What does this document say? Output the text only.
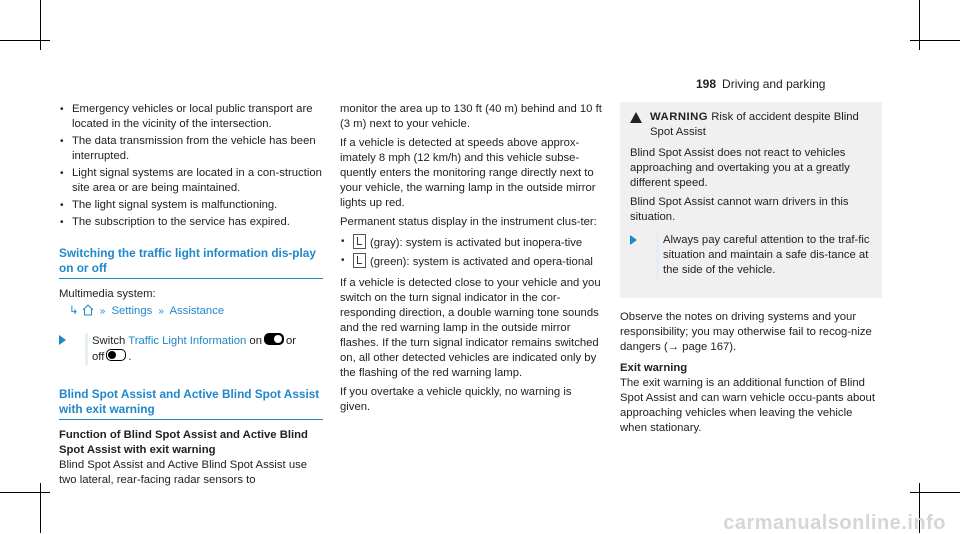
198 Driving and parking
• Emergency vehicles or local public transport are located in the vicinity of the intersection.
• The data transmission from the vehicle has been interrupted.
• Light signal systems are located in a con-struction site area or are being maintained.
• The light signal system is malfunctioning.
• The subscription to the service has expired.
Switching the traffic light information dis-play on or off

Multimedia system:

↳ » Settings » Assistance
Switch Traffic Light Information on or
off .
Blind Spot Assist and Active Blind Spot Assist with exit warning

Function of Blind Spot Assist and Active Blind Spot Assist with exit warning

Blind Spot Assist and Active Blind Spot Assist use two lateral, rear-facing radar sensors to

monitor the area up to 130 ft (40 m) behind and 10 ft (3 m) next to your vehicle.

If a vehicle is detected at speeds above approx-imately 8 mph (12 km/h) and this vehicle subse-quently enters the monitoring range directly next to your vehicle, the warning lamp in the outside mirror lights up red.

Permanent status display in the instrument clus-ter:

• (gray): system is activated but inopera-tive
• (green): system is activated and opera-tional

If a vehicle is detected close to your vehicle and you switch on the turn signal indicator in the cor-responding direction, a double warning tone sounds and the red warning lamp in the outside mirror flashes. If the turn signal indicator remains switched on, all other detected vehicles are indicated only by the flashing of the red warning lamp.

If you overtake a vehicle quickly, no warning is given.

WARNING Risk of accident despite Blind Spot Assist

Blind Spot Assist does not react to vehicles approaching and overtaking you at a greatly different speed.

Blind Spot Assist cannot warn drivers in this situation.

Always pay careful attention to the traf-fic situation and maintain a safe dis-tance at the side of the vehicle.

Observe the notes on driving systems and your responsibility; you may otherwise fail to recog-nize dangers (→ page 167).

Exit warning

The exit warning is an additional function of Blind Spot Assist and can warn vehicle occu-pants about approaching vehicles when leaving the vehicle when stationary.

carmanualsonline.info
